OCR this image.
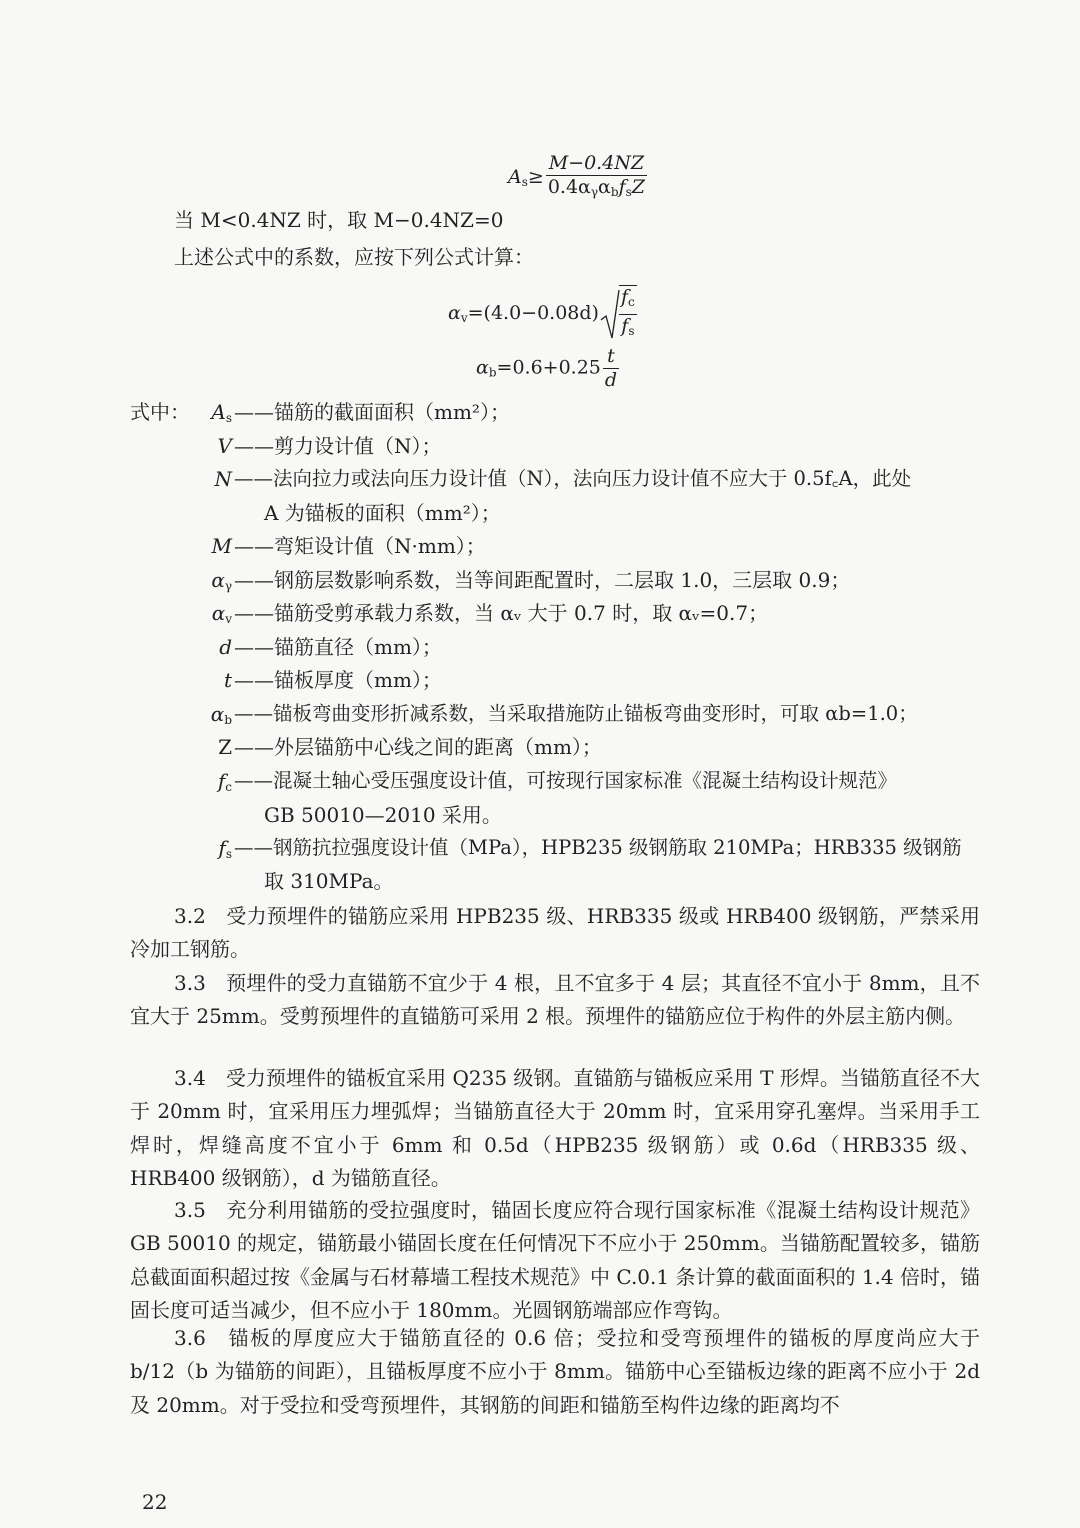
$A_s\ge \frac{M-0.4NZ}{0.4\alpha_\gamma\alpha_bf_sZ}$
当 M<0.4NZ 时，取 M−0.4NZ=0
上述公式中的系数，应按下列公式计算：
$\alpha_v=(4.0-0.08d) \frac{f_c}{f_s}$
$\alpha_b=0.6+0.25 \frac{t}{d}$
式中：	$A_s$ ——锚筋的截面面积（mm²）；
V ——剪力设计值（N）；
N ——法向拉力或法向压力设计值（N），法向压力设计值不应大于 0.5f꜀A，此处
A 为锚板的面积（mm²）；
M ——弯矩设计值（N·mm）；
$\alpha_\gamma$ ——钢筋层数影响系数，当等间距配置时，二层取 1.0，三层取 0.9；
$\alpha_v$ ——锚筋受剪承载力系数，当 αᵥ 大于 0.7 时，取 αᵥ=0.7；
d ——锚筋直径（mm）；
t ——锚板厚度（mm）；
$\alpha_b$ ——锚板弯曲变形折减系数，当采取措施防止锚板弯曲变形时，可取 αb=1.0；
Z ——外层锚筋中心线之间的距离（mm）；
$f_c$ ——混凝土轴心受压强度设计值，可按现行国家标准《混凝土结构设计规范》
GB 50010—2010 采用。
$f_s$ ——钢筋抗拉强度设计值（MPa），HPB235 级钢筋取 210MPa；HRB335 级钢筋
取 310MPa。
3.2　受力预埋件的锚筋应采用 HPB235 级、HRB335 级或 HRB400 级钢筋，严禁采用冷加工钢筋。
3.3　预埋件的受力直锚筋不宜少于 4 根，且不宜多于 4 层；其直径不宜小于 8mm，且不宜大于 25mm。受剪预埋件的直锚筋可采用 2 根。预埋件的锚筋应位于构件的外层主筋内侧。
3.4　受力预埋件的锚板宜采用 Q235 级钢。直锚筋与锚板应采用 T 形焊。当锚筋直径不大于 20mm 时，宜采用压力埋弧焊；当锚筋直径大于 20mm 时，宜采用穿孔塞焊。当采用手工焊时，焊缝高度不宜小于 6mm 和 0.5d（HPB235 级钢筋）或 0.6d（HRB335 级、HRB400 级钢筋），d 为锚筋直径。
3.5　充分利用锚筋的受拉强度时，锚固长度应符合现行国家标准《混凝土结构设计规范》GB 50010 的规定，锚筋最小锚固长度在任何情况下不应小于 250mm。当锚筋配置较多，锚筋总截面面积超过按《金属与石材幕墙工程技术规范》中 C.0.1 条计算的截面面积的 1.4 倍时，锚固长度可适当减少，但不应小于 180mm。光圆钢筋端部应作弯钩。
3.6　锚板的厚度应大于锚筋直径的 0.6 倍；受拉和受弯预埋件的锚板的厚度尚应大于 b/12（b 为锚筋的间距），且锚板厚度不应小于 8mm。锚筋中心至锚板边缘的距离不应小于 2d 及 20mm。对于受拉和受弯预埋件，其钢筋的间距和锚筋至构件边缘的距离均不
22
